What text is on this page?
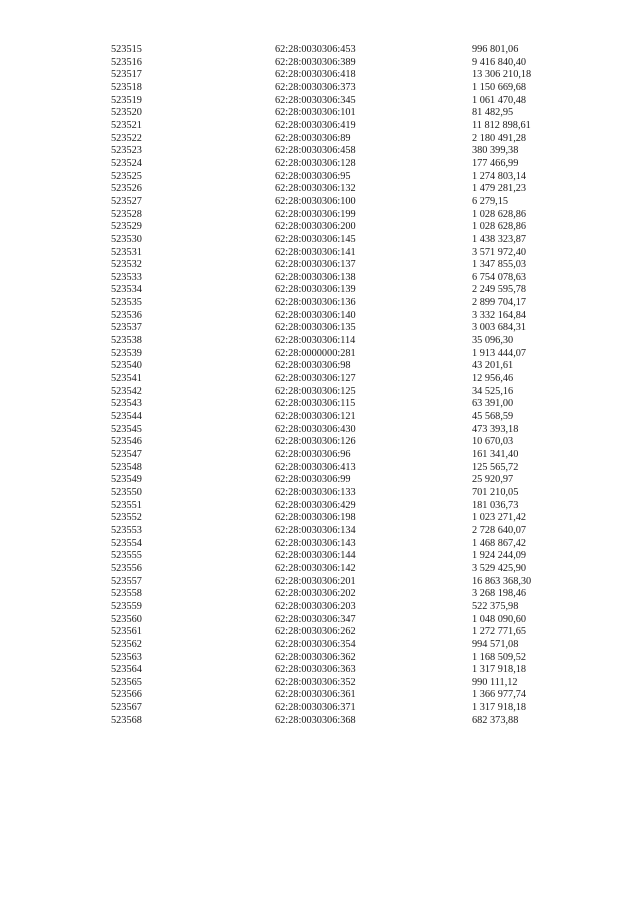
523515	62:28:0030306:453	996 801,06
523516	62:28:0030306:389	9 416 840,40
523517	62:28:0030306:418	13 306 210,18
523518	62:28:0030306:373	1 150 669,68
523519	62:28:0030306:345	1 061 470,48
523520	62:28:0030306:101	81 482,95
523521	62:28:0030306:419	11 812 898,61
523522	62:28:0030306:89	2 180 491,28
523523	62:28:0030306:458	380 399,38
523524	62:28:0030306:128	177 466,99
523525	62:28:0030306:95	1 274 803,14
523526	62:28:0030306:132	1 479 281,23
523527	62:28:0030306:100	6 279,15
523528	62:28:0030306:199	1 028 628,86
523529	62:28:0030306:200	1 028 628,86
523530	62:28:0030306:145	1 438 323,87
523531	62:28:0030306:141	3 571 972,40
523532	62:28:0030306:137	1 347 855,03
523533	62:28:0030306:138	6 754 078,63
523534	62:28:0030306:139	2 249 595,78
523535	62:28:0030306:136	2 899 704,17
523536	62:28:0030306:140	3 332 164,84
523537	62:28:0030306:135	3 003 684,31
523538	62:28:0030306:114	35 096,30
523539	62:28:0000000:281	1 913 444,07
523540	62:28:0030306:98	43 201,61
523541	62:28:0030306:127	12 956,46
523542	62:28:0030306:125	34 525,16
523543	62:28:0030306:115	63 391,00
523544	62:28:0030306:121	45 568,59
523545	62:28:0030306:430	473 393,18
523546	62:28:0030306:126	10 670,03
523547	62:28:0030306:96	161 341,40
523548	62:28:0030306:413	125 565,72
523549	62:28:0030306:99	25 920,97
523550	62:28:0030306:133	701 210,05
523551	62:28:0030306:429	181 036,73
523552	62:28:0030306:198	1 023 271,42
523553	62:28:0030306:134	2 728 640,07
523554	62:28:0030306:143	1 468 867,42
523555	62:28:0030306:144	1 924 244,09
523556	62:28:0030306:142	3 529 425,90
523557	62:28:0030306:201	16 863 368,30
523558	62:28:0030306:202	3 268 198,46
523559	62:28:0030306:203	522 375,98
523560	62:28:0030306:347	1 048 090,60
523561	62:28:0030306:262	1 272 771,65
523562	62:28:0030306:354	994 571,08
523563	62:28:0030306:362	1 168 509,52
523564	62:28:0030306:363	1 317 918,18
523565	62:28:0030306:352	990 111,12
523566	62:28:0030306:361	1 366 977,74
523567	62:28:0030306:371	1 317 918,18
523568	62:28:0030306:368	682 373,88
